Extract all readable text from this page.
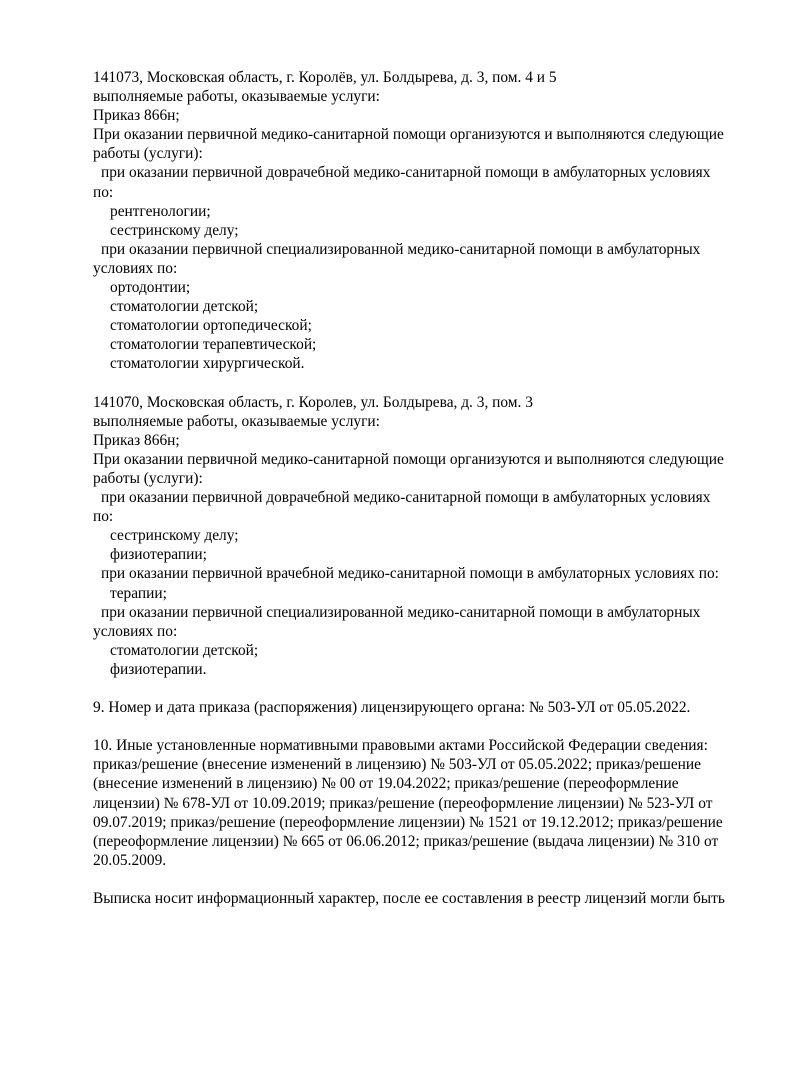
141073, Московская область, г. Королёв, ул. Болдырева, д. 3, пом. 4 и 5
выполняемые работы, оказываемые услуги:
Приказ 866н;
При оказании первичной медико-санитарной помощи организуются и выполняются следующие
работы (услуги):
при оказании первичной доврачебной медико-санитарной помощи в амбулаторных условиях
по:
рентгенологии;
сестринскому делу;
при оказании первичной специализированной медико-санитарной помощи в амбулаторных
условиях по:
ортодонтии;
стоматологии детской;
стоматологии ортопедической;
стоматологии терапевтической;
стоматологии хирургической.
141070, Московская область, г. Королев, ул. Болдырева, д. 3, пом. 3
выполняемые работы, оказываемые услуги:
Приказ 866н;
При оказании первичной медико-санитарной помощи организуются и выполняются следующие
работы (услуги):
при оказании первичной доврачебной медико-санитарной помощи в амбулаторных условиях
по:
сестринскому делу;
физиотерапии;
при оказании первичной врачебной медико-санитарной помощи в амбулаторных условиях по:
терапии;
при оказании первичной специализированной медико-санитарной помощи в амбулаторных
условиях по:
стоматологии детской;
физиотерапии.
9. Номер и дата приказа (распоряжения) лицензирующего органа: № 503-УЛ от 05.05.2022.
10. Иные установленные нормативными правовыми актами Российской Федерации сведения:
приказ/решение (внесение изменений в лицензию) № 503-УЛ от 05.05.2022; приказ/решение
(внесение изменений в лицензию) № 00 от 19.04.2022; приказ/решение (переоформление
лицензии) № 678-УЛ от 10.09.2019; приказ/решение (переоформление лицензии) № 523-УЛ от
09.07.2019; приказ/решение (переоформление лицензии) № 1521 от 19.12.2012; приказ/решение
(переоформление лицензии) № 665 от 06.06.2012; приказ/решение (выдача лицензии) № 310 от
20.05.2009.
Выписка носит информационный характер, после ее составления в реестр лицензий могли быть
